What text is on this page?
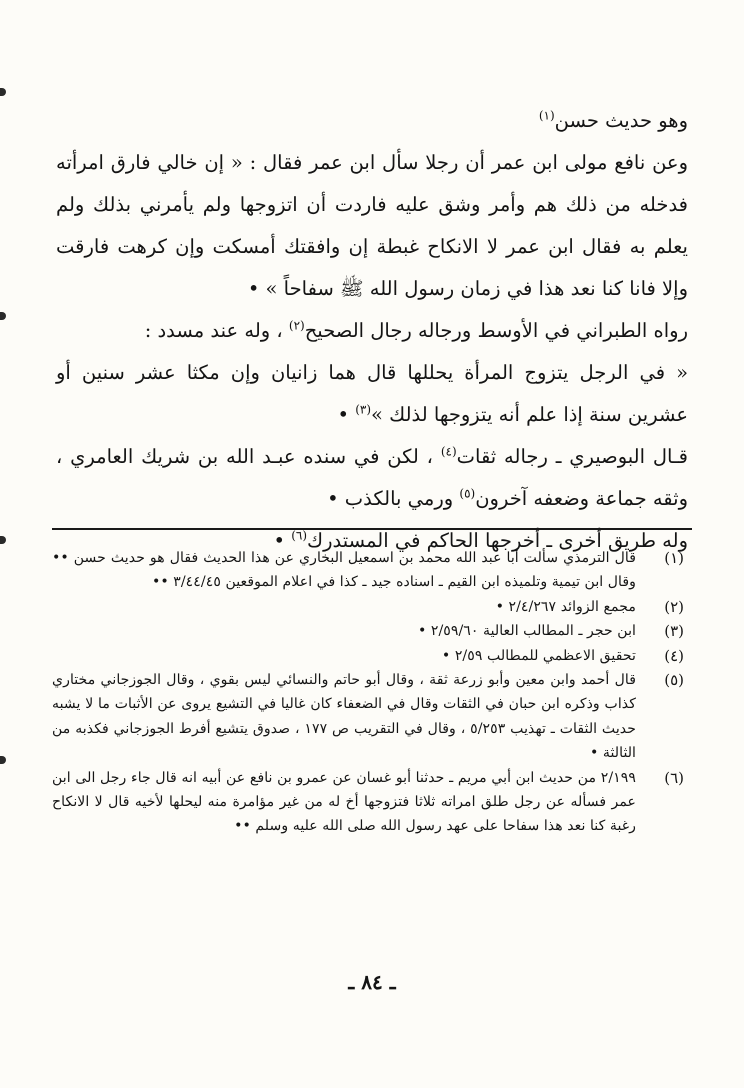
وهو حديث حسن$^{(١)}$

وعن نافع مولى ابن عمر أن رجلا سأل ابن عمر فقال : « إن خالي فارق امرأته فدخله من ذلك هم وأمر وشق عليه فاردت أن اتزوجها ولم يأمرني بذلك ولم يعلم به فقال ابن عمر لا الانكاح غبطة إن وافقتك أمسكت وإن كرهت فارقت وإلا فانا كنا نعد هذا في زمان رسول الله ﷺ سفاحاً » •

رواه الطبراني في الأوسط ورجاله رجال الصحيح$^{(٢)}$ ، وله عند مسدد :

« في الرجل يتزوج المرأة يحللها قال هما زانيان وإن مكثا عشر سنين أو عشرين سنة إذا علم أنه يتزوجها لذلك »$^{(٣)}$ •

قـال البوصيري ـ رجاله ثقات$^{(٤)}$ ، لكن في سنده عبـد الله بن شريك العامري ، وثقه جماعة وضعفه آخرون$^{(٥)}$ ورمي بالكذب •

وله طريق أخرى ـ أخرجها الحاكم في المستدرك$^{(٦)}$ •

(١)
قال الترمذي سألت أبا عبد الله محمد بن اسمعيل البخاري عن هذا الحديث فقال هو حديث حسن •• وقال ابن تيمية وتلميذه ابن القيم ـ اسناده جيد ـ كذا في اعلام الموقعين ٣/٤٤/٤٥ ••
(٢)
مجمع الزوائد ٢/٤/٢٦٧ •
(٣)
ابن حجر ـ المطالب العالية ٢/٥٩/٦٠ •
(٤)
تحقيق الاعظمي للمطالب ٢/٥٩ •
(٥)
قال أحمد وابن معين وأبو زرعة ثقة ، وقال أبو حاتم والنسائي ليس بقوي ، وقال الجوزجاني مختاري كذاب وذكره ابن حبان في الثقات وقال في الضعفاء كان غاليا في التشيع يروى عن الأثبات ما لا يشبه حديث الثقات ـ تهذيب ٥/٢٥٣ ، وقال في التقريب ص ١٧٧ ، صدوق يتشيع أفرط الجوزجاني فكذبه من الثالثة •
(٦)
٢/١٩٩ من حديث ابن أبي مريم ـ حدثنا أبو غسان عن عمرو بن نافع عن أبيه انه قال جاء رجل الى ابن عمر فسأله عن رجل طلق امراته ثلاثا فتزوجها أخ له من غير مؤامرة منه ليحلها لأخيه قال لا الانكاح رغبة كنا نعد هذا سفاحا على عهد رسول الله صلى الله عليه وسلم ••
ـ ٨٤ ـ
